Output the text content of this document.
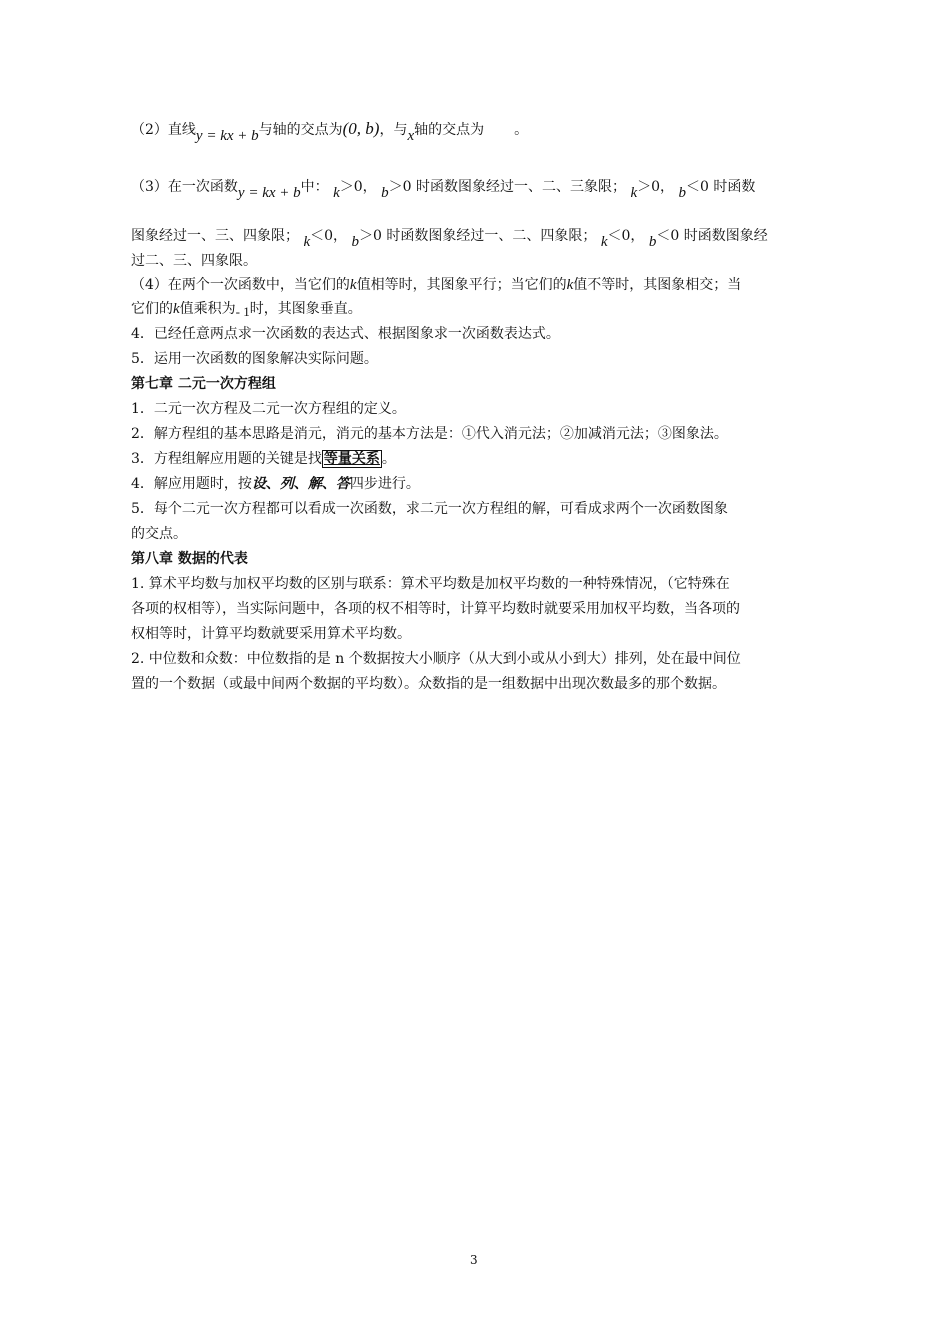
（2）直线y = kx + b与轴的交点为(0, b)，与x轴的交点为 。
（3）在一次函数y = kx + b中： k＞0， b＞0 时函数图象经过一、二、三象限； k＞0， b＜0 时函数
图象经过一、三、四象限； k＜0， b＞0 时函数图象经过一、二、四象限； k＜0， b＜0 时函数图象经
过二、三、四象限。
（4）在两个一次函数中，当它们的k值相等时，其图象平行；当它们的k值不等时，其图象相交；当
它们的k值乘积为- 1时，其图象垂直。
4．已经任意两点求一次函数的表达式、根据图象求一次函数表达式。
5．运用一次函数的图象解决实际问题。
第七章 二元一次方程组
1．二元一次方程及二元一次方程组的定义。
2．解方程组的基本思路是消元，消元的基本方法是：①代入消元法；②加减消元法；③图象法。
3．方程组解应用题的关键是找 等量关系 。
4．解应用题时，按设、列、解、答四步进行。
5．每个二元一次方程都可以看成一次函数，求二元一次方程组的解，可看成求两个一次函数图象
的交点。
第八章 数据的代表
1. 算术平均数与加权平均数的区别与联系：算术平均数是加权平均数的一种特殊情况，（它特殊在
各项的权相等），当实际问题中，各项的权不相等时，计算平均数时就要采用加权平均数，当各项的
权相等时，计算平均数就要采用算术平均数。
2. 中位数和众数：中位数指的是 n 个数据按大小顺序（从大到小或从小到大）排列，处在最中间位
置的一个数据（或最中间两个数据的平均数）。众数指的是一组数据中出现次数最多的那个数据。
3
